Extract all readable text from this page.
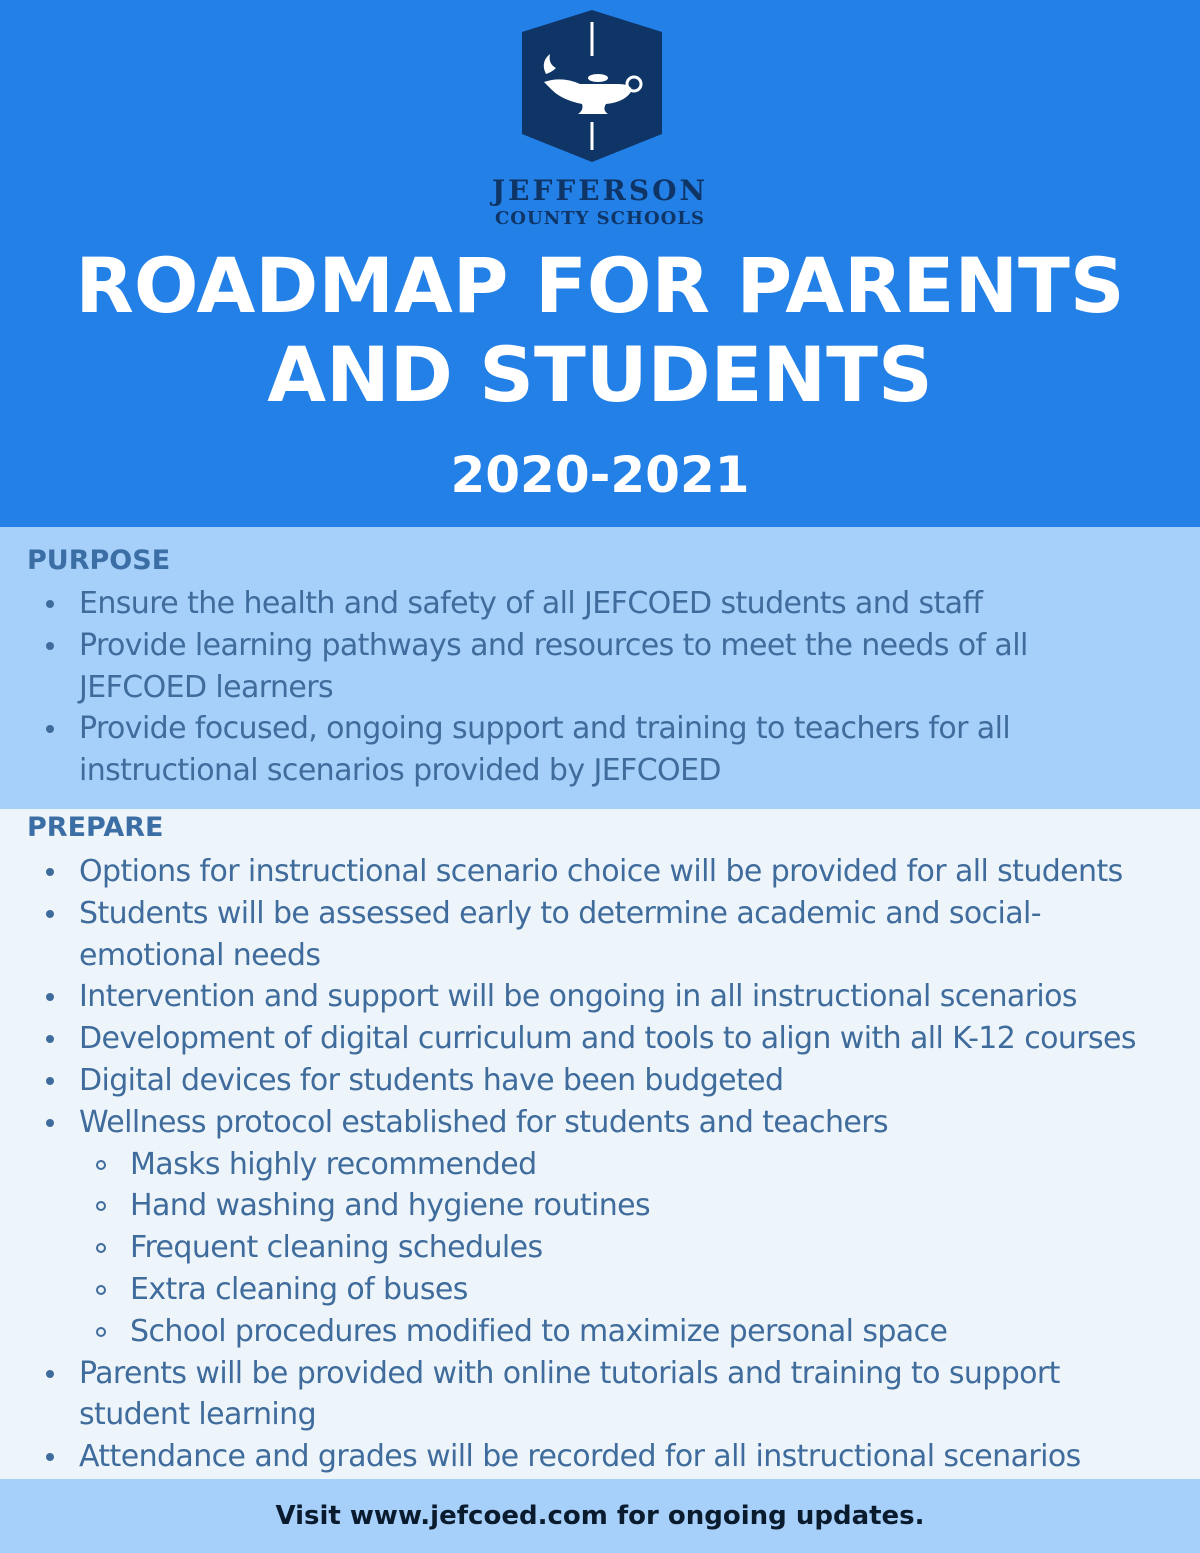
JEFFERSON
COUNTY SCHOOLS
ROADMAP FOR PARENTS
AND STUDENTS
2020-2021
PURPOSE
Ensure the health and safety of all JEFCOED students and staff
Provide learning pathways and resources to meet the needs of all JEFCOED learners
Provide focused, ongoing support and training to teachers for all instructional scenarios provided by JEFCOED
PREPARE
Options for instructional scenario choice will be provided for all students
Students will be assessed early to determine academic and social-emotional needs
Intervention and support will be ongoing in all instructional scenarios
Development of digital curriculum and tools to align with all K-12 courses
Digital devices for students have been budgeted
Wellness protocol established for students and teachers
Masks highly recommended
Hand washing and hygiene routines
Frequent cleaning schedules
Extra cleaning of buses
School procedures modified to maximize personal space
Parents will be provided with online tutorials and training to support student learning
Attendance and grades will be recorded for all instructional scenarios
Visit www.jefcoed.com for ongoing updates.
